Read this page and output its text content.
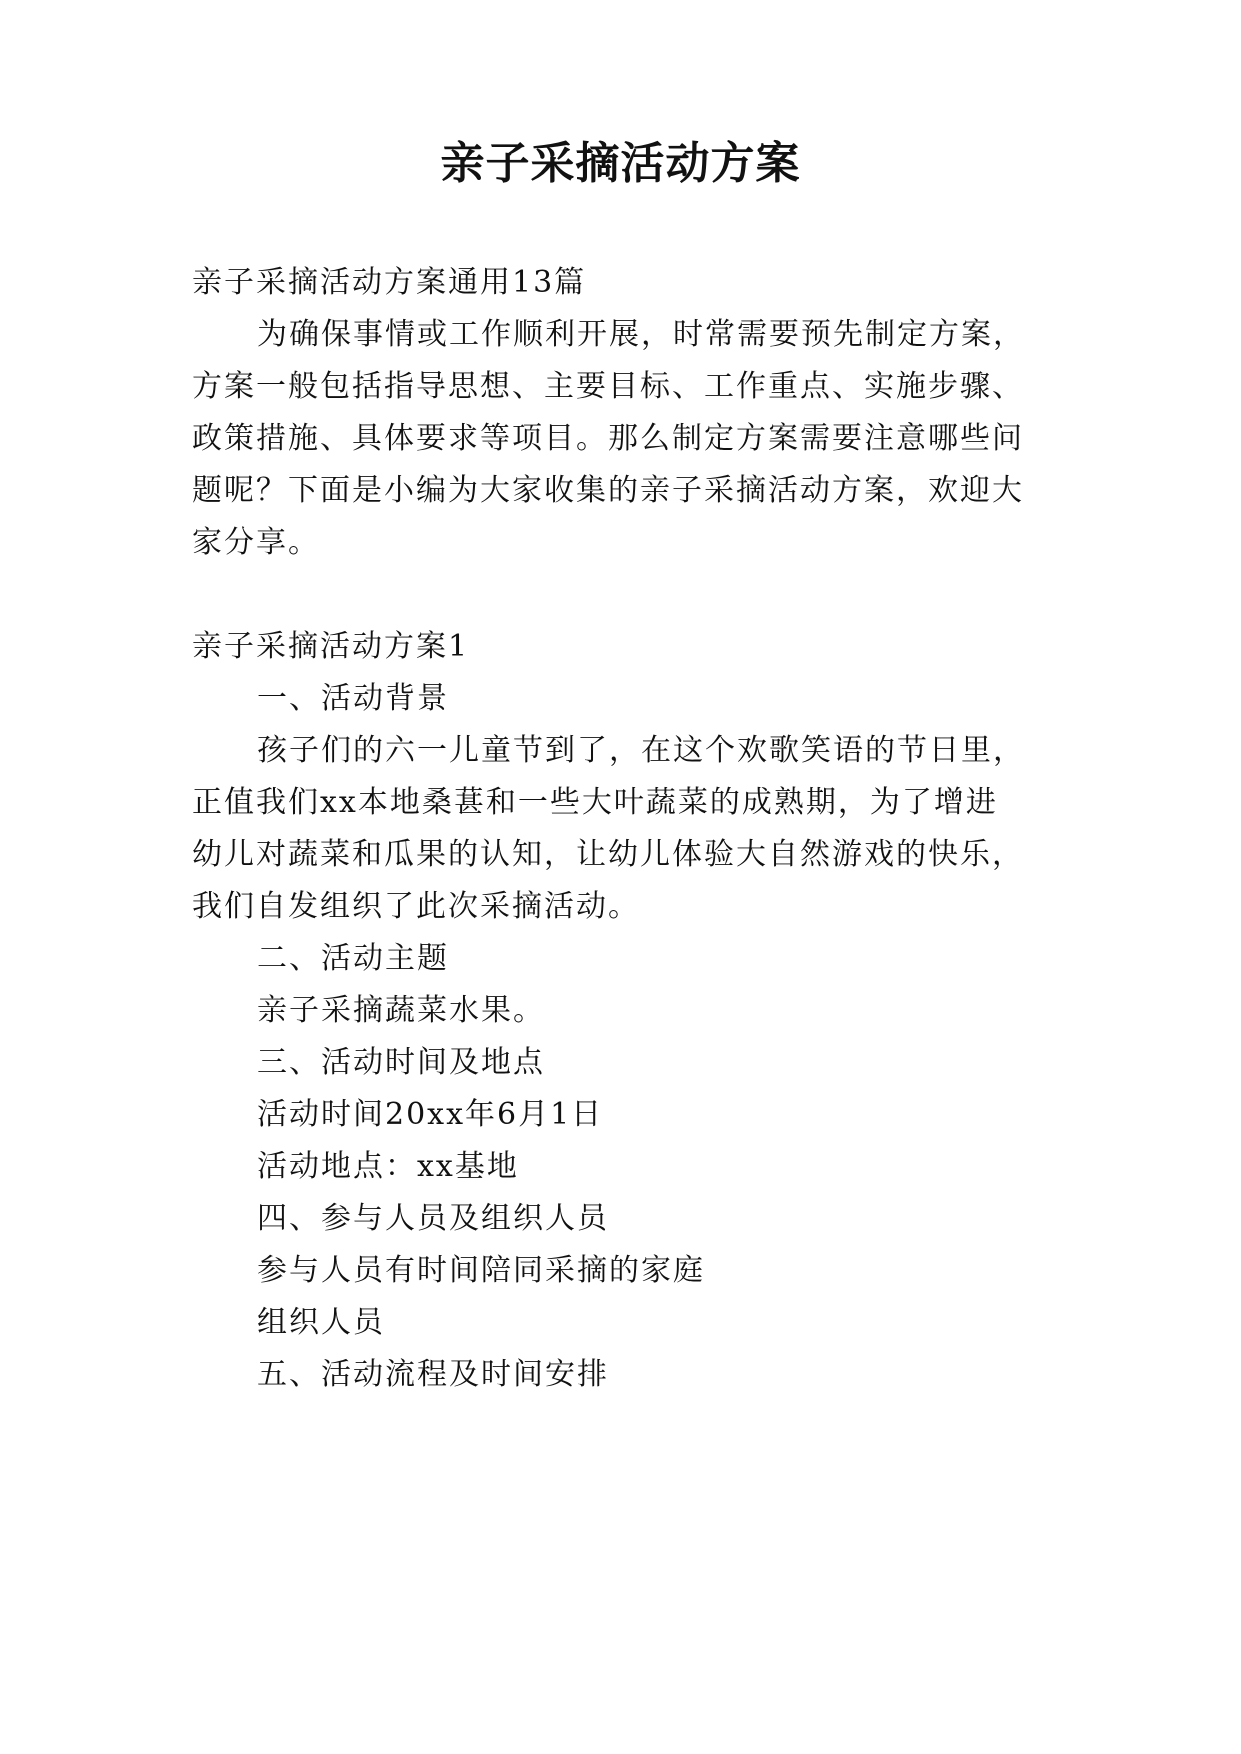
亲子采摘活动方案
亲子采摘活动方案通用13篇
为确保事情或工作顺利开展，时常需要预先制定方案，
方案一般包括指导思想、主要目标、工作重点、实施步骤、
政策措施、具体要求等项目。那么制定方案需要注意哪些问
题呢？下面是小编为大家收集的亲子采摘活动方案，欢迎大
家分享。
亲子采摘活动方案1
一、活动背景
孩子们的六一儿童节到了，在这个欢歌笑语的节日里，
正值我们xx本地桑葚和一些大叶蔬菜的成熟期，为了增进
幼儿对蔬菜和瓜果的认知，让幼儿体验大自然游戏的快乐，
我们自发组织了此次采摘活动。
二、活动主题
亲子采摘蔬菜水果。
三、活动时间及地点
活动时间20xx年6月1日
活动地点：xx基地
四、参与人员及组织人员
参与人员有时间陪同采摘的家庭
组织人员
五、活动流程及时间安排
